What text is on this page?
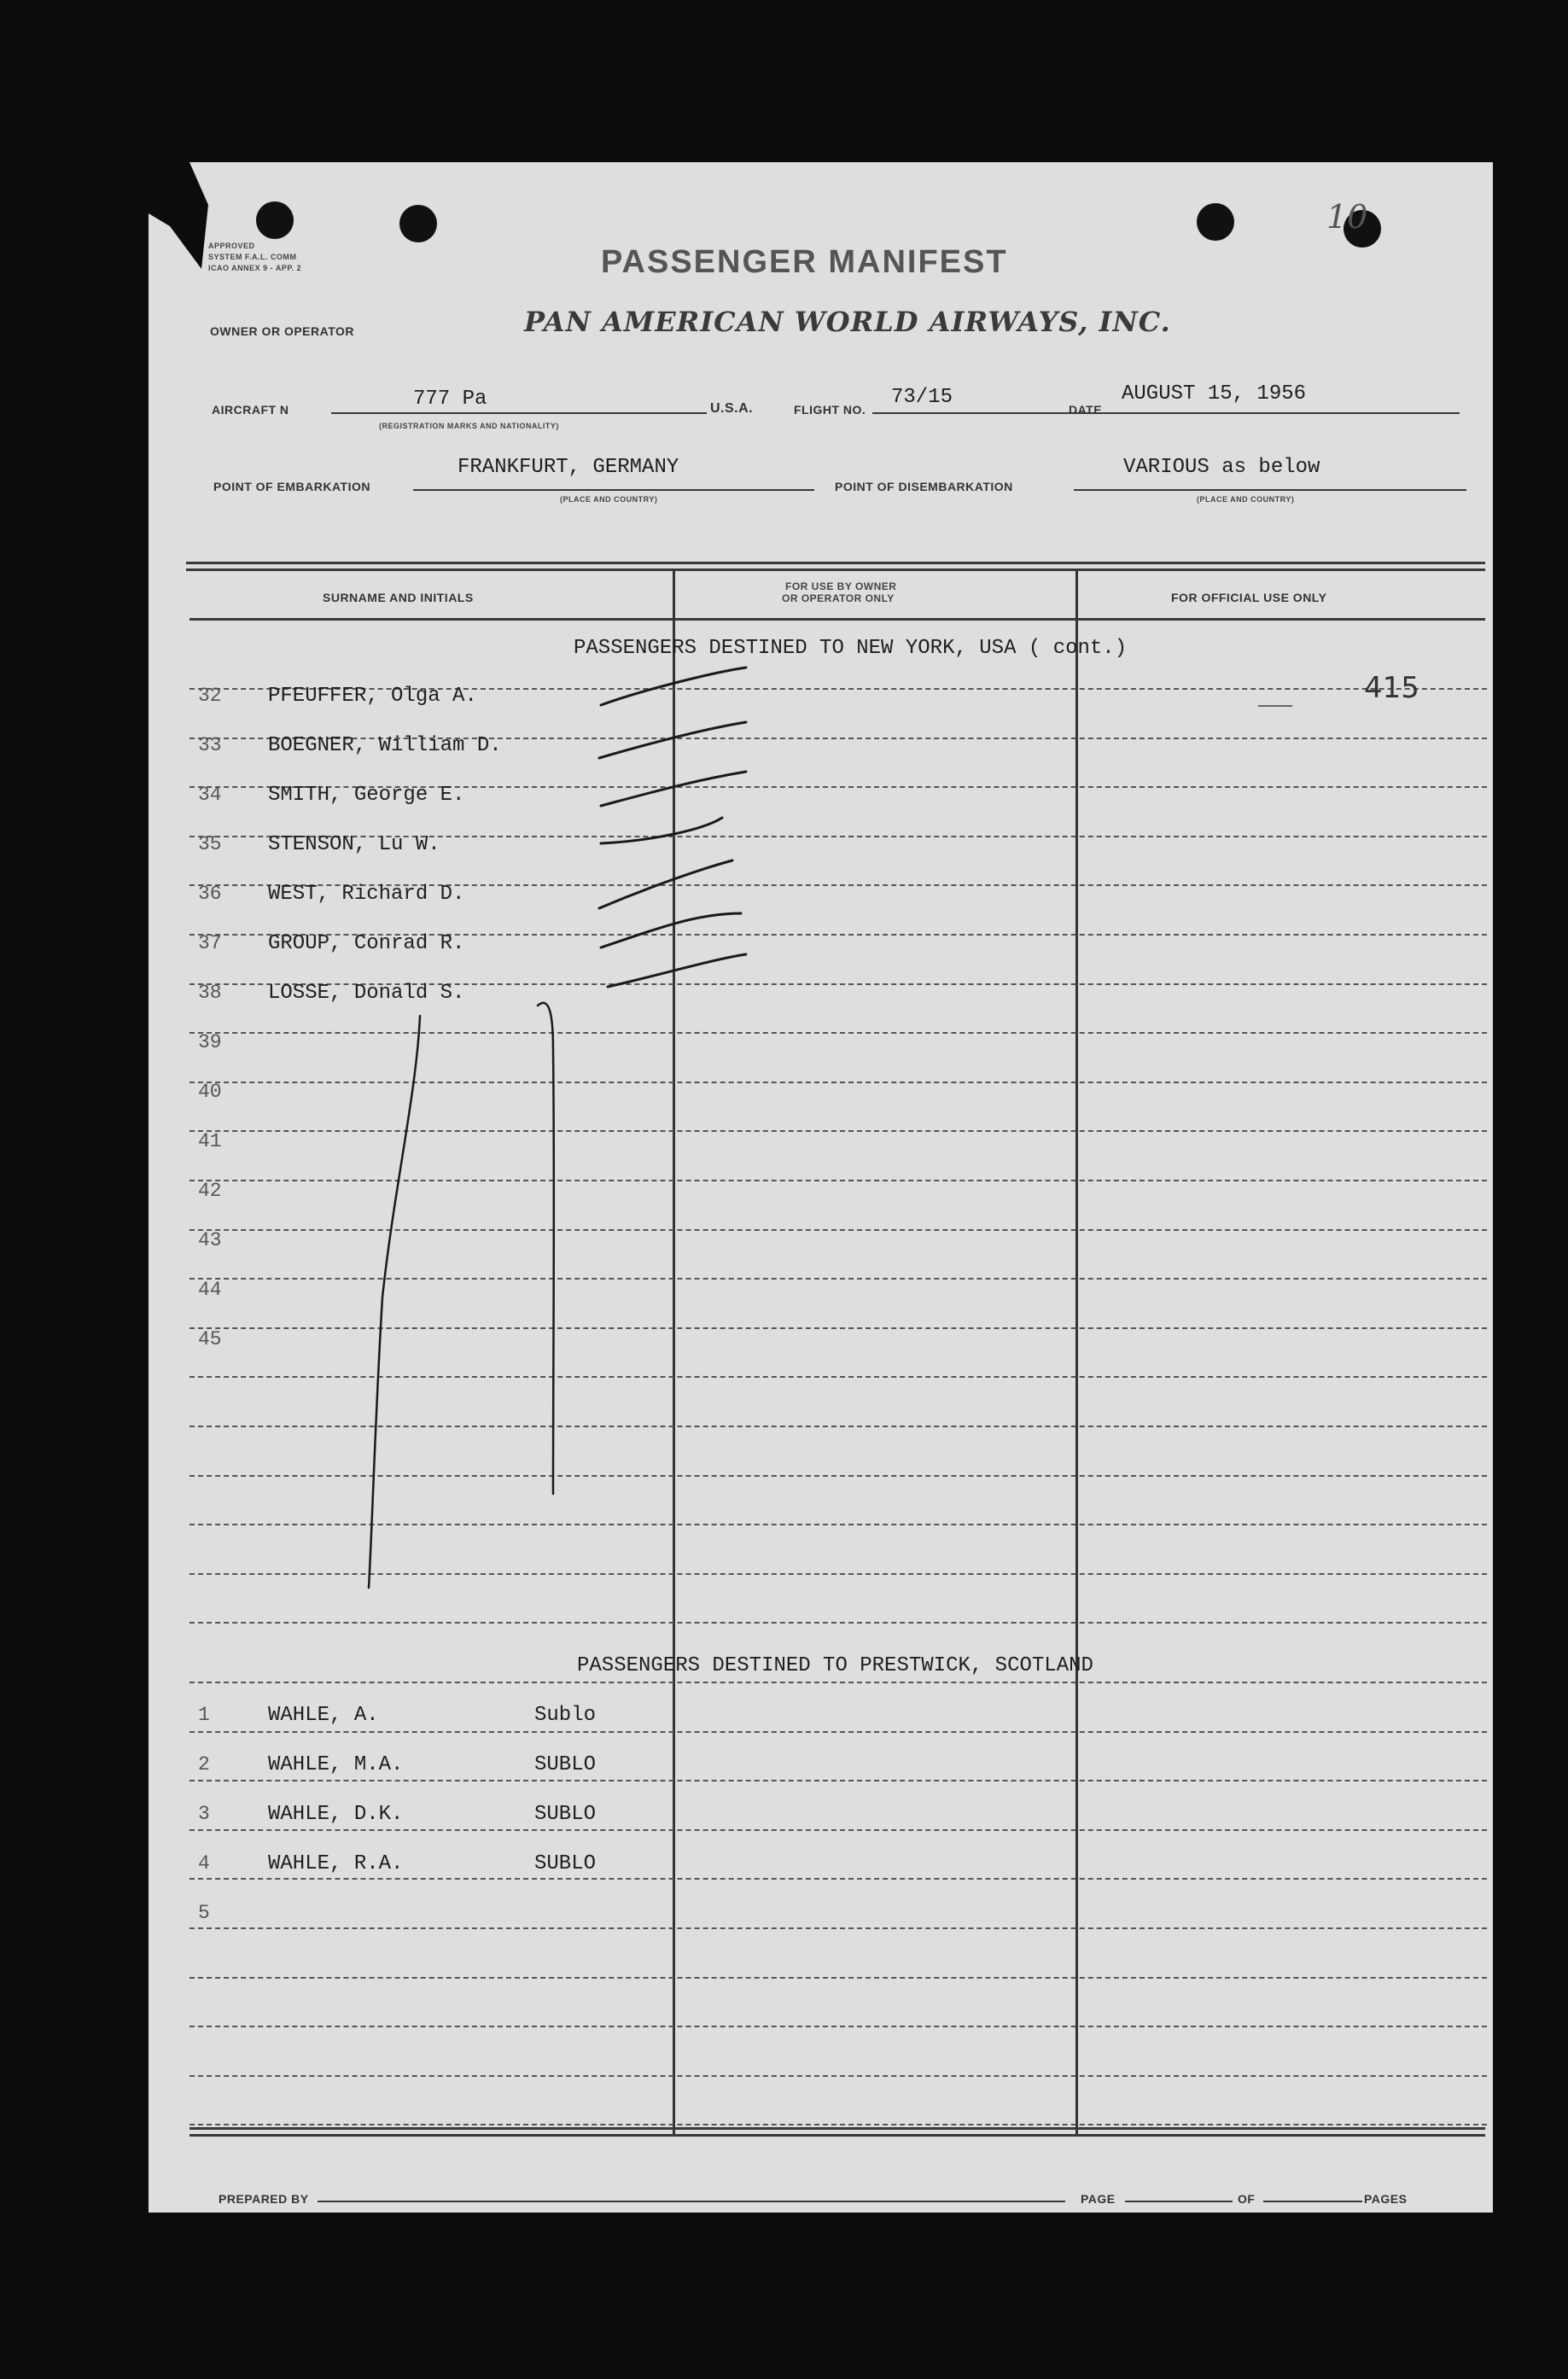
10
APPROVED
SYSTEM F.A.L. COMM
ICAO ANNEX 9 - APP. 2	PASSENGER MANIFEST
OWNER OR OPERATOR	PAN AMERICAN WORLD AIRWAYS, INC.
AIRCRAFT N	777 Pa
(REGISTRATION MARKS AND NATIONALITY)
U.S.A.	FLIGHT NO.
73/15
DATE
AUGUST 15, 1956
POINT OF EMBARKATION
FRANKFURT, GERMANY
(PLACE AND COUNTRY)
POINT OF DISEMBARKATION
VARIOUS as below
(PLACE AND COUNTRY)
SURNAME AND INITIALS
FOR USE BY OWNER
OR OPERATOR ONLY	FOR OFFICIAL USE ONLY
PASSENGERS DESTINED TO NEW YORK, USA ( cont.)
415
32 PFEUFFER, Olga A.
33 BOEGNER, William D.
34 SMITH, George E.
35 STENSON, Lu W.
36 WEST, Richard D.
37 GROUP, Conrad R.
38 LOSSE, Donald S.
39
40
41
42
43
44
45
PASSENGERS DESTINED TO PRESTWICK, SCOTLAND
1	WAHLE, A.	Sublo
2	WAHLE, M.A.	SUBLO
3	WAHLE, D.K.	SUBLO
4	WAHLE, R.A.	SUBLO
5
PREPARED BY	PAGE	OF	PAGES
